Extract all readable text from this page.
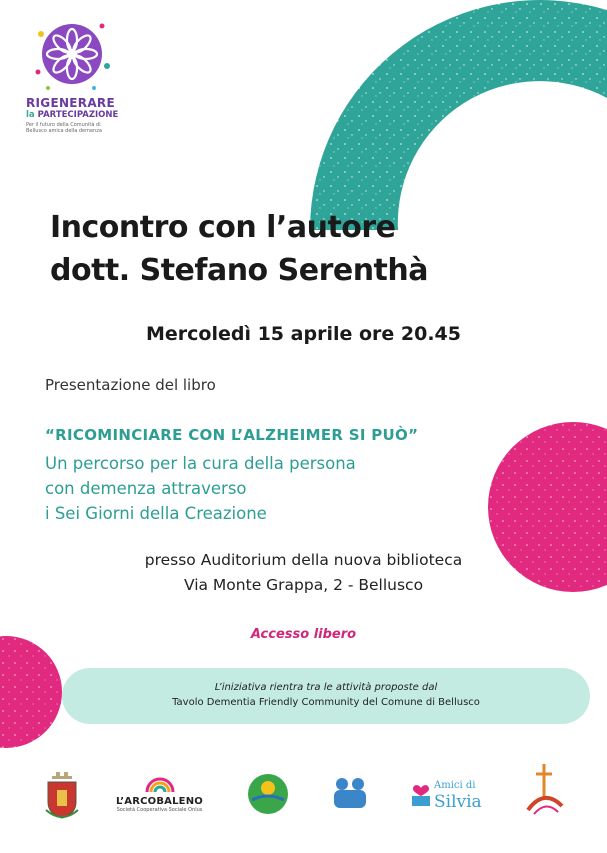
RIGENERARE
la PARTECIPAZIONE
Per il futuro della Comunità di Bellusco amica della demenza
Incontro con l’autore
dott. Stefano Serenthà
Mercoledì 15 aprile ore 20.45
Presentazione del libro
“RICOMINCIARE CON L’ALZHEIMER SI PUÒ”
Un percorso per la cura della persona
con demenza attraverso
i Sei Giorni della Creazione
presso Auditorium della nuova biblioteca
Via Monte Grappa, 2 - Bellusco
Accesso libero
L’iniziativa rientra tra le attività proposte dal
Tavolo Dementia Friendly Community del Comune di Bellusco
L’ARCOBALENO
Società Cooperativa Sociale Onlus
Amici di
Silvia
